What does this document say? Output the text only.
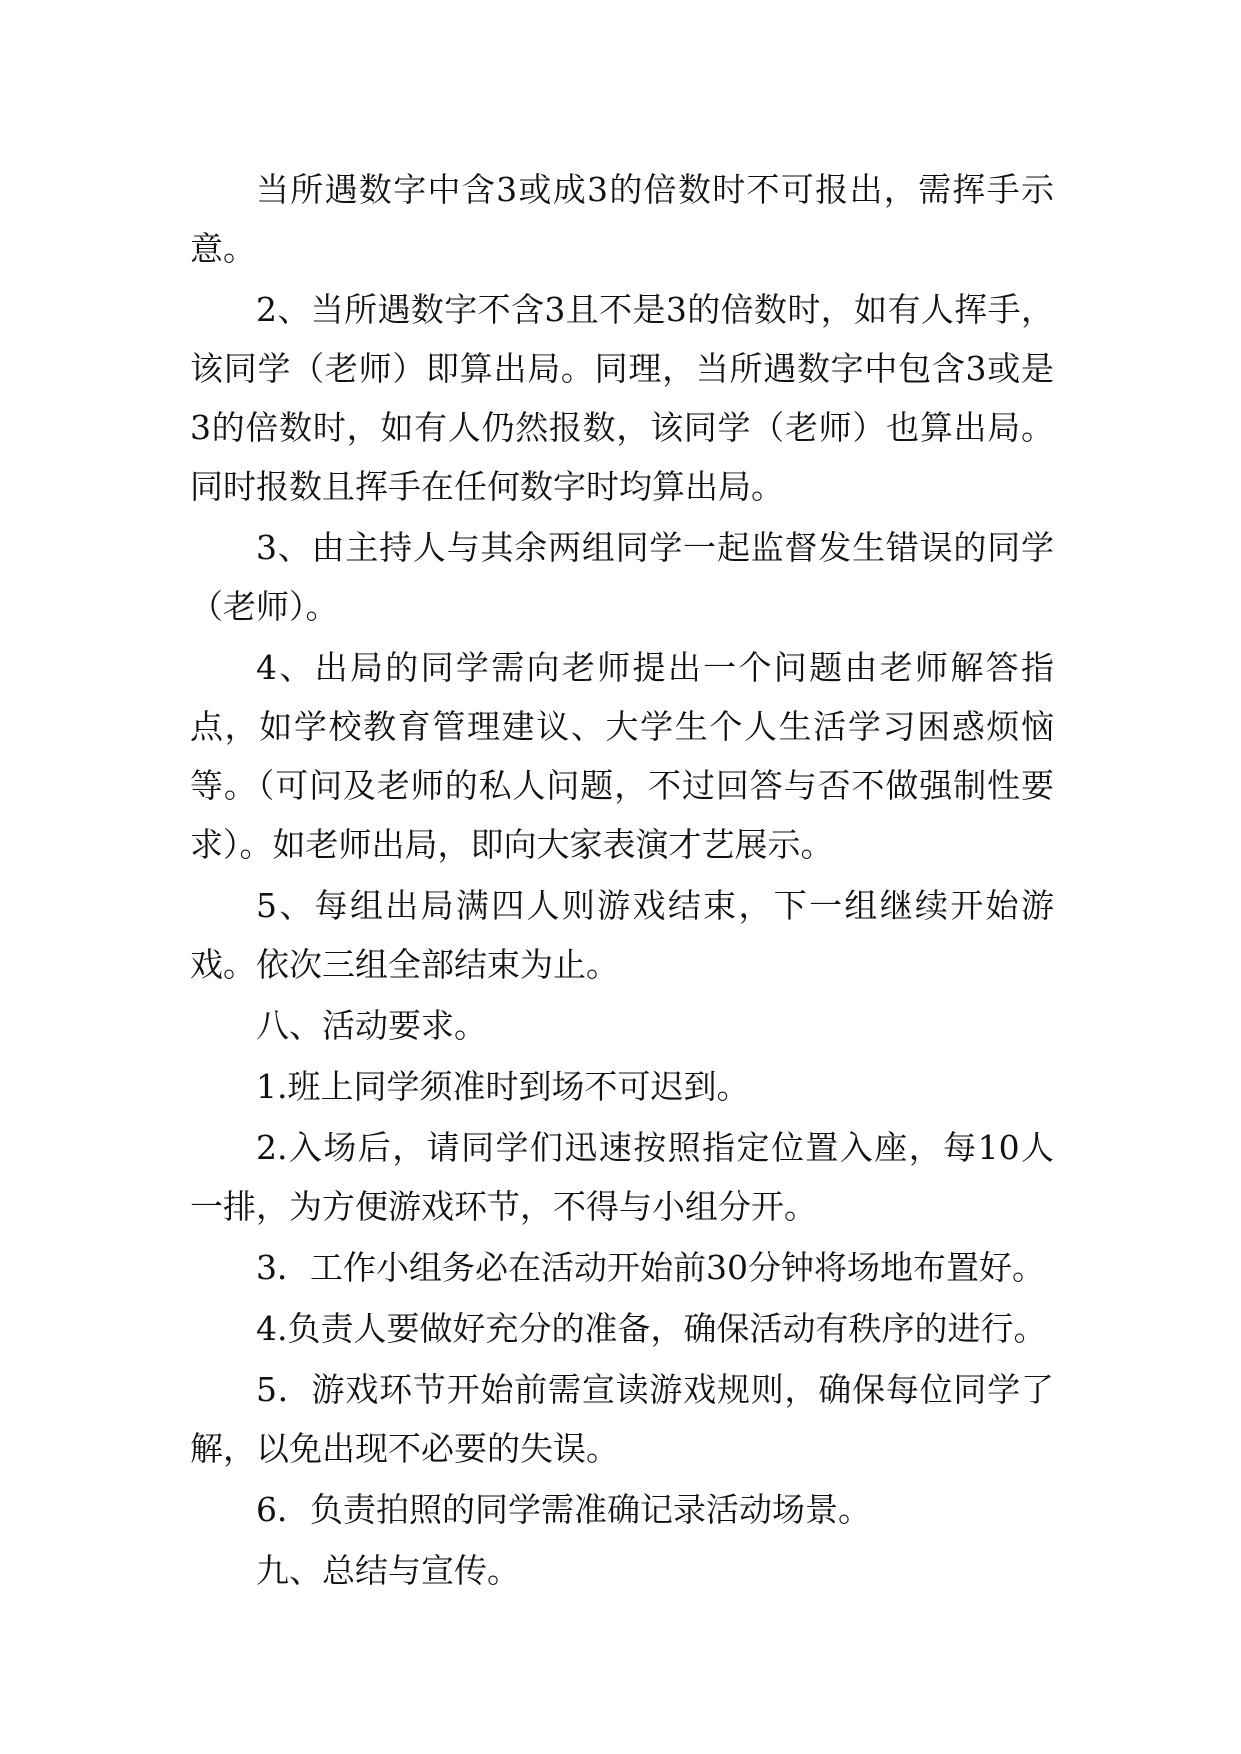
当所遇数字中含3或成3的倍数时不可报出，需挥手示意。

2、当所遇数字不含3且不是3的倍数时，如有人挥手，该同学（老师）即算出局。同理，当所遇数字中包含3或是3的倍数时，如有人仍然报数，该同学（老师）也算出局。同时报数且挥手在任何数字时均算出局。

3、由主持人与其余两组同学一起监督发生错误的同学（老师）。

4、出局的同学需向老师提出一个问题由老师解答指点，如学校教育管理建议、大学生个人生活学习困惑烦恼等。（可问及老师的私人问题，不过回答与否不做强制性要求）。如老师出局，即向大家表演才艺展示。

5、每组出局满四人则游戏结束，下一组继续开始游戏。依次三组全部结束为止。

八、活动要求。

1.班上同学须准时到场不可迟到。

2.入场后，请同学们迅速按照指定位置入座，每10人一排，为方便游戏环节，不得与小组分开。

3．工作小组务必在活动开始前30分钟将场地布置好。

4.负责人要做好充分的准备，确保活动有秩序的进行。

5．游戏环节开始前需宣读游戏规则，确保每位同学了解，以免出现不必要的失误。

6．负责拍照的同学需准确记录活动场景。

九、总结与宣传。
